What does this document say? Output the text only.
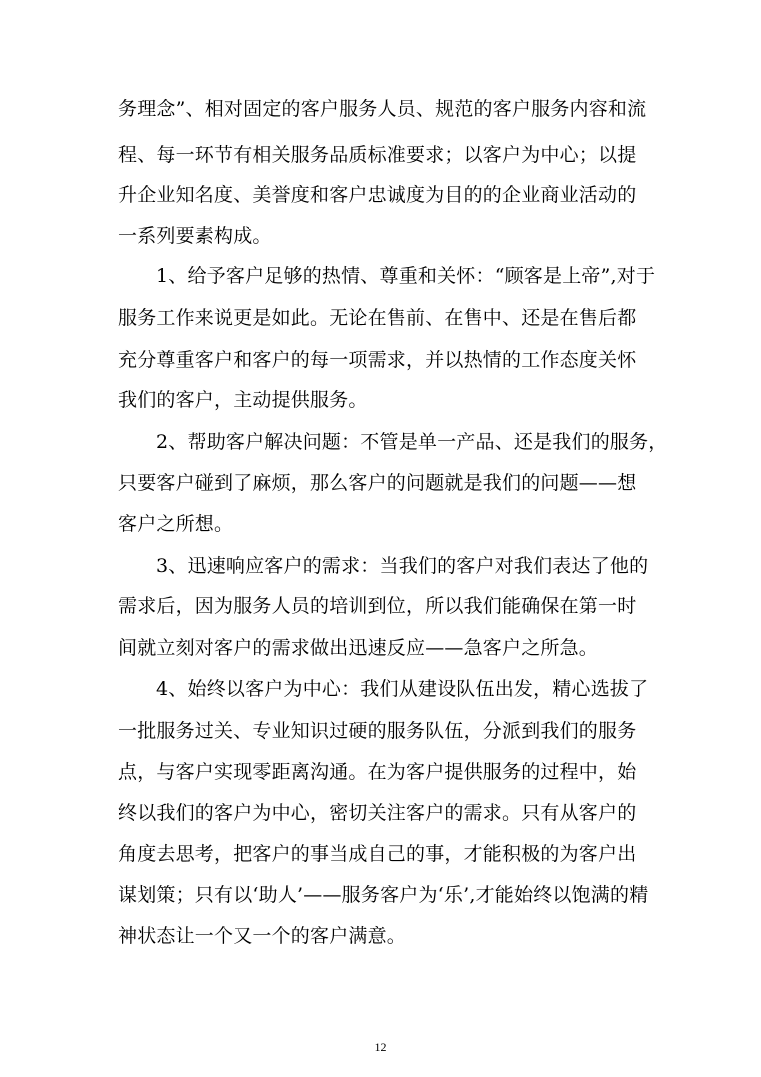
务理念”、相对固定的客户服务人员、规范的客户服务内容和流
程、每一环节有相关服务品质标准要求；以客户为中心；以提
升企业知名度、美誉度和客户忠诚度为目的的企业商业活动的
一系列要素构成。
1、给予客户足够的热情、尊重和关怀：“顾客是上帝”,对于
服务工作来说更是如此。无论在售前、在售中、还是在售后都
充分尊重客户和客户的每一项需求，并以热情的工作态度关怀
我们的客户，主动提供服务。
2、帮助客户解决问题：不管是单一产品、还是我们的服务，
只要客户碰到了麻烦，那么客户的问题就是我们的问题——想
客户之所想。
3、迅速响应客户的需求：当我们的客户对我们表达了他的
需求后，因为服务人员的培训到位，所以我们能确保在第一时
间就立刻对客户的需求做出迅速反应——急客户之所急。
4、始终以客户为中心：我们从建设队伍出发，精心选拔了
一批服务过关、专业知识过硬的服务队伍，分派到我们的服务
点，与客户实现零距离沟通。在为客户提供服务的过程中，始
终以我们的客户为中心，密切关注客户的需求。只有从客户的
角度去思考，把客户的事当成自己的事，才能积极的为客户出
谋划策；只有以‘助人’——服务客户为‘乐’,才能始终以饱满的精
神状态让一个又一个的客户满意。
12
